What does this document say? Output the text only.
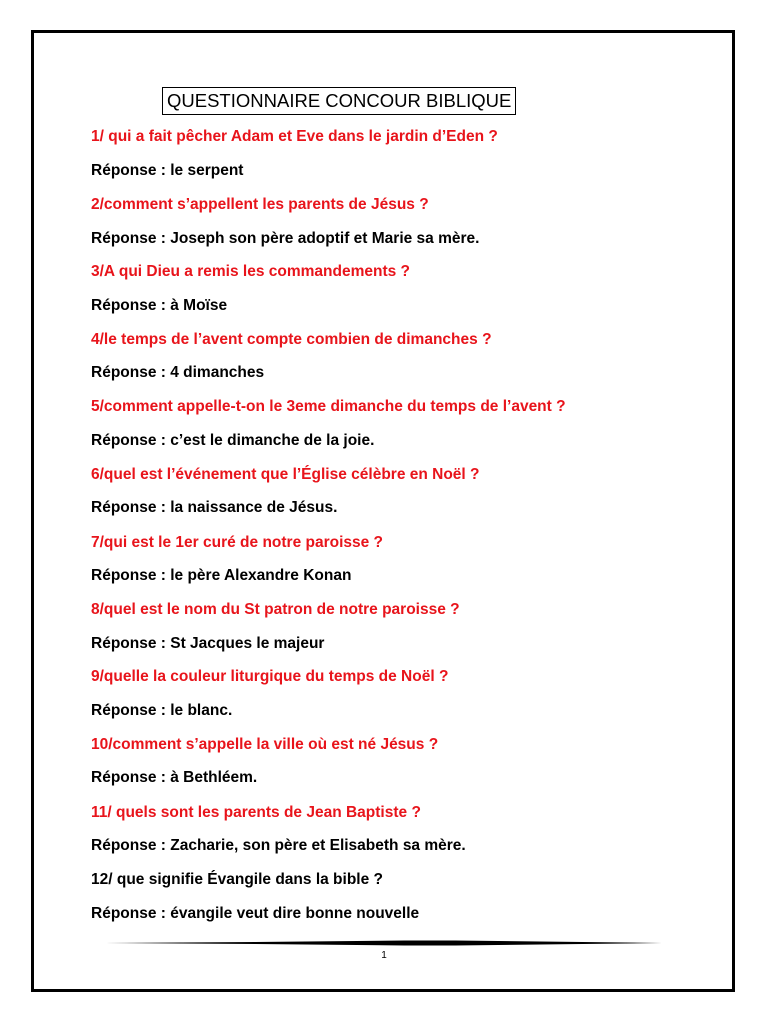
QUESTIONNAIRE CONCOUR BIBLIQUE
1/ qui a fait pêcher Adam et Eve dans le jardin d’Eden ?
Réponse : le serpent
2/comment s’appellent les parents de Jésus ?
Réponse : Joseph son père adoptif et Marie sa mère.
3/A qui Dieu a remis les commandements ?
Réponse : à Moïse
4/le temps de l’avent compte combien de dimanches ?
Réponse : 4 dimanches
5/comment appelle-t-on le 3eme dimanche du temps de l’avent ?
Réponse : c’est le dimanche de la joie.
6/quel est l’événement que l’Église célèbre en Noël ?
Réponse : la naissance de Jésus.
7/qui est le 1er curé de notre paroisse ?
Réponse : le père Alexandre Konan
8/quel est le nom du St patron de notre paroisse ?
Réponse : St Jacques le majeur
9/quelle la couleur liturgique du temps de Noël ?
Réponse : le blanc.
10/comment s’appelle la ville où est né Jésus ?
Réponse : à Bethléem.
11/ quels sont les parents de Jean Baptiste ?
Réponse : Zacharie, son père et Elisabeth sa mère.
12/ que signifie Évangile dans la bible ?
Réponse : évangile veut dire bonne nouvelle
1
